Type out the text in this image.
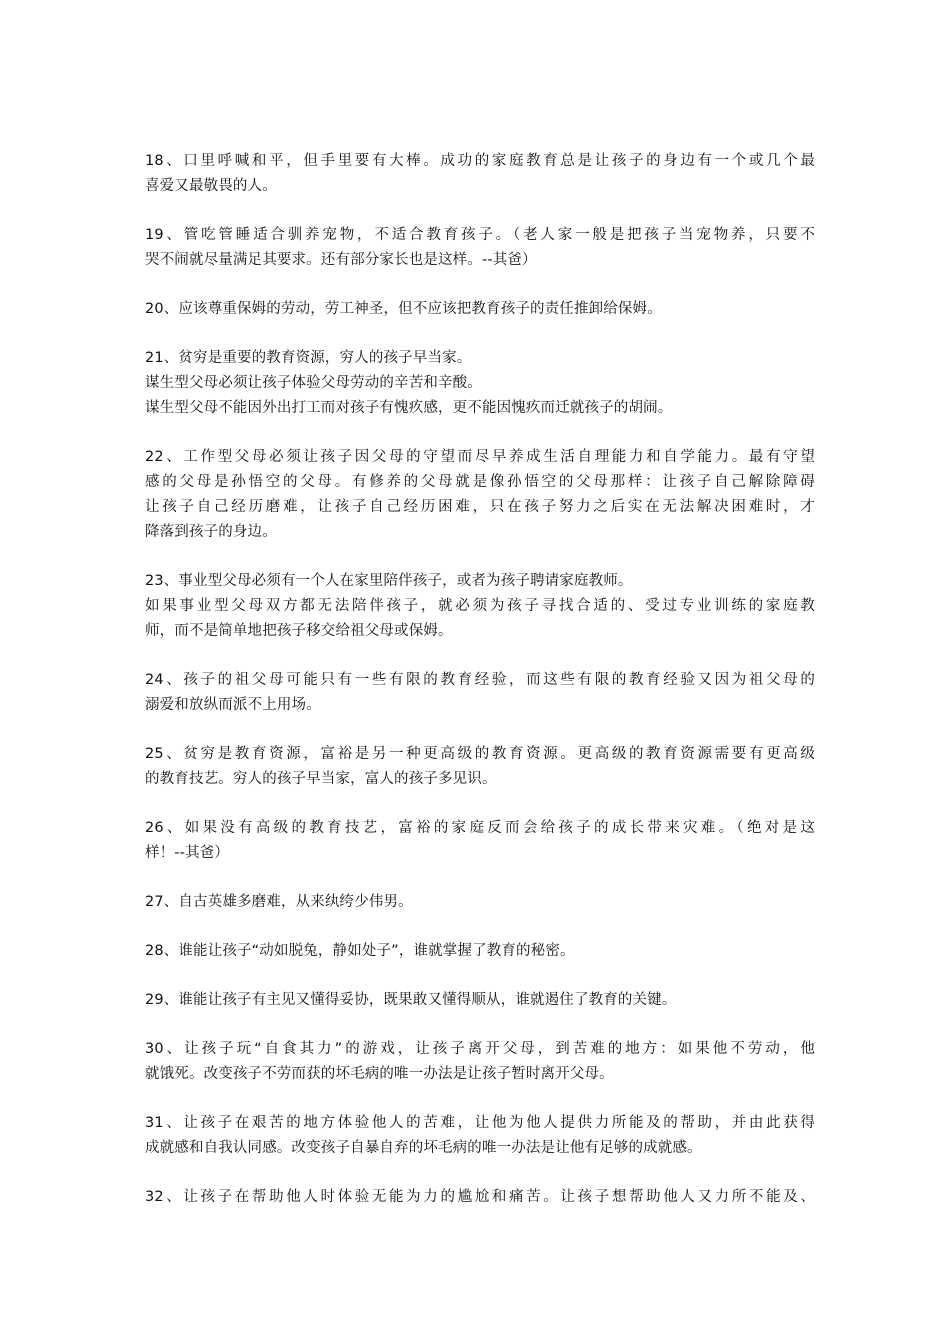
18、口里呼喊和平，但手里要有大棒。成功的家庭教育总是让孩子的身边有一个或几个最
喜爱又最敬畏的人。
19、管吃管睡适合驯养宠物，不适合教育孩子。（老人家一般是把孩子当宠物养，只要不
哭不闹就尽量满足其要求。还有部分家长也是这样。--其爸）
20、应该尊重保姆的劳动，劳工神圣，但不应该把教育孩子的责任推卸给保姆。
21、贫穷是重要的教育资源，穷人的孩子早当家。
谋生型父母必须让孩子体验父母劳动的辛苦和辛酸。
谋生型父母不能因外出打工而对孩子有愧疚感，更不能因愧疚而迁就孩子的胡闹。
22、工作型父母必须让孩子因父母的守望而尽早养成生活自理能力和自学能力。最有守望
感的父母是孙悟空的父母。有修养的父母就是像孙悟空的父母那样：让孩子自己解除障碍
让孩子自己经历磨难，让孩子自己经历困难，只在孩子努力之后实在无法解决困难时，才
降落到孩子的身边。
23、事业型父母必须有一个人在家里陪伴孩子，或者为孩子聘请家庭教师。
如果事业型父母双方都无法陪伴孩子，就必须为孩子寻找合适的、受过专业训练的家庭教
师，而不是简单地把孩子移交给祖父母或保姆。
24、孩子的祖父母可能只有一些有限的教育经验，而这些有限的教育经验又因为祖父母的
溺爱和放纵而派不上用场。
25、贫穷是教育资源，富裕是另一种更高级的教育资源。更高级的教育资源需要有更高级
的教育技艺。穷人的孩子早当家，富人的孩子多见识。
26、如果没有高级的教育技艺，富裕的家庭反而会给孩子的成长带来灾难。（绝对是这
样！--其爸）
27、自古英雄多磨难，从来纨绔少伟男。
28、谁能让孩子“动如脱兔，静如处子”，谁就掌握了教育的秘密。
29、谁能让孩子有主见又懂得妥协，既果敢又懂得顺从，谁就遏住了教育的关键。
30、让孩子玩“自食其力”的游戏，让孩子离开父母，到苦难的地方：如果他不劳动，他
就饿死。改变孩子不劳而获的坏毛病的唯一办法是让孩子暂时离开父母。
31、让孩子在艰苦的地方体验他人的苦难，让他为他人提供力所能及的帮助，并由此获得
成就感和自我认同感。改变孩子自暴自弃的坏毛病的唯一办法是让他有足够的成就感。
32、让孩子在帮助他人时体验无能为力的尴尬和痛苦。让孩子想帮助他人又力所不能及、
